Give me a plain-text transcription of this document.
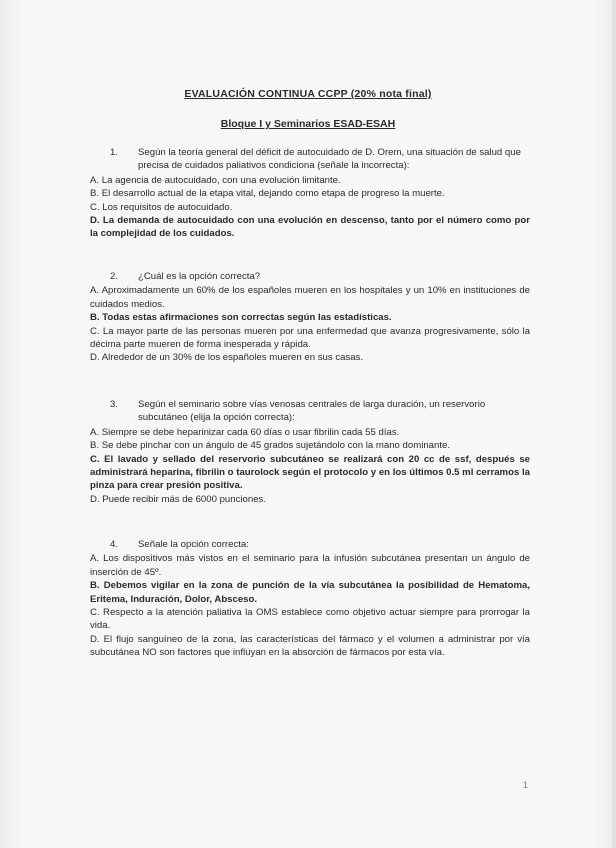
EVALUACIÓN CONTINUA CCPP (20% nota final)
Bloque I y Seminarios ESAD-ESAH
1.	Según la teoría general del déficit de autocuidado de D. Orem, una situación de salud que precisa de cuidados paliativos condiciona (señale la incorrecta):
A. La agencia de autocuidado, con una evolución limitante.
B. El desarrollo actual de la etapa vital, dejando como etapa de progreso la muerte.
C. Los requisitos de autocuidado.
D. La demanda de autocuidado con una evolución en descenso, tanto por el número como por la complejidad de los cuidados.
2.	¿Cuál es la opción correcta?
A. Aproximadamente un 60% de los españoles mueren en los hospitales y un 10% en instituciones de cuidados medios.
B. Todas estas afirmaciones son correctas según las estadísticas.
C. La mayor parte de las personas mueren por una enfermedad que avanza progresivamente, sólo la décima parte mueren de forma inesperada y rápida.
D. Alrededor de un 30% de los españoles mueren en sus casas.
3.	Según el seminario sobre vías venosas centrales de larga duración, un reservorio subcutáneo (elija la opción correcta):
A. Siempre se debe heparinizar cada 60 días o usar fibrilin cada 55 días.
B. Se debe pinchar con un ángulo de 45 grados sujetándolo con la mano dominante.
C. El lavado y sellado del reservorio subcutáneo se realizará con 20 cc de ssf, después se administrará heparina, fibrilin o taurolock según el protocolo y en los últimos 0.5 ml cerramos la pinza para crear presión positiva.
D. Puede recibir más de 6000 punciones.
4.	Señale la opción correcta:
A. Los dispositivos más vistos en el seminario para la infusión subcutánea presentan un ángulo de inserción de 45º.
B. Debemos vigilar en la zona de punción de la vía subcutánea la posibilidad de Hematoma, Eritema, Induración, Dolor, Absceso.
C. Respecto a la atención paliativa la OMS establece como objetivo actuar siempre para prorrogar la vida.
D. El flujo sanguíneo de la zona, las características del fármaco y el volumen a administrar por vía subcutánea NO son factores que influyan en la absorción de fármacos por esta vía.
1
